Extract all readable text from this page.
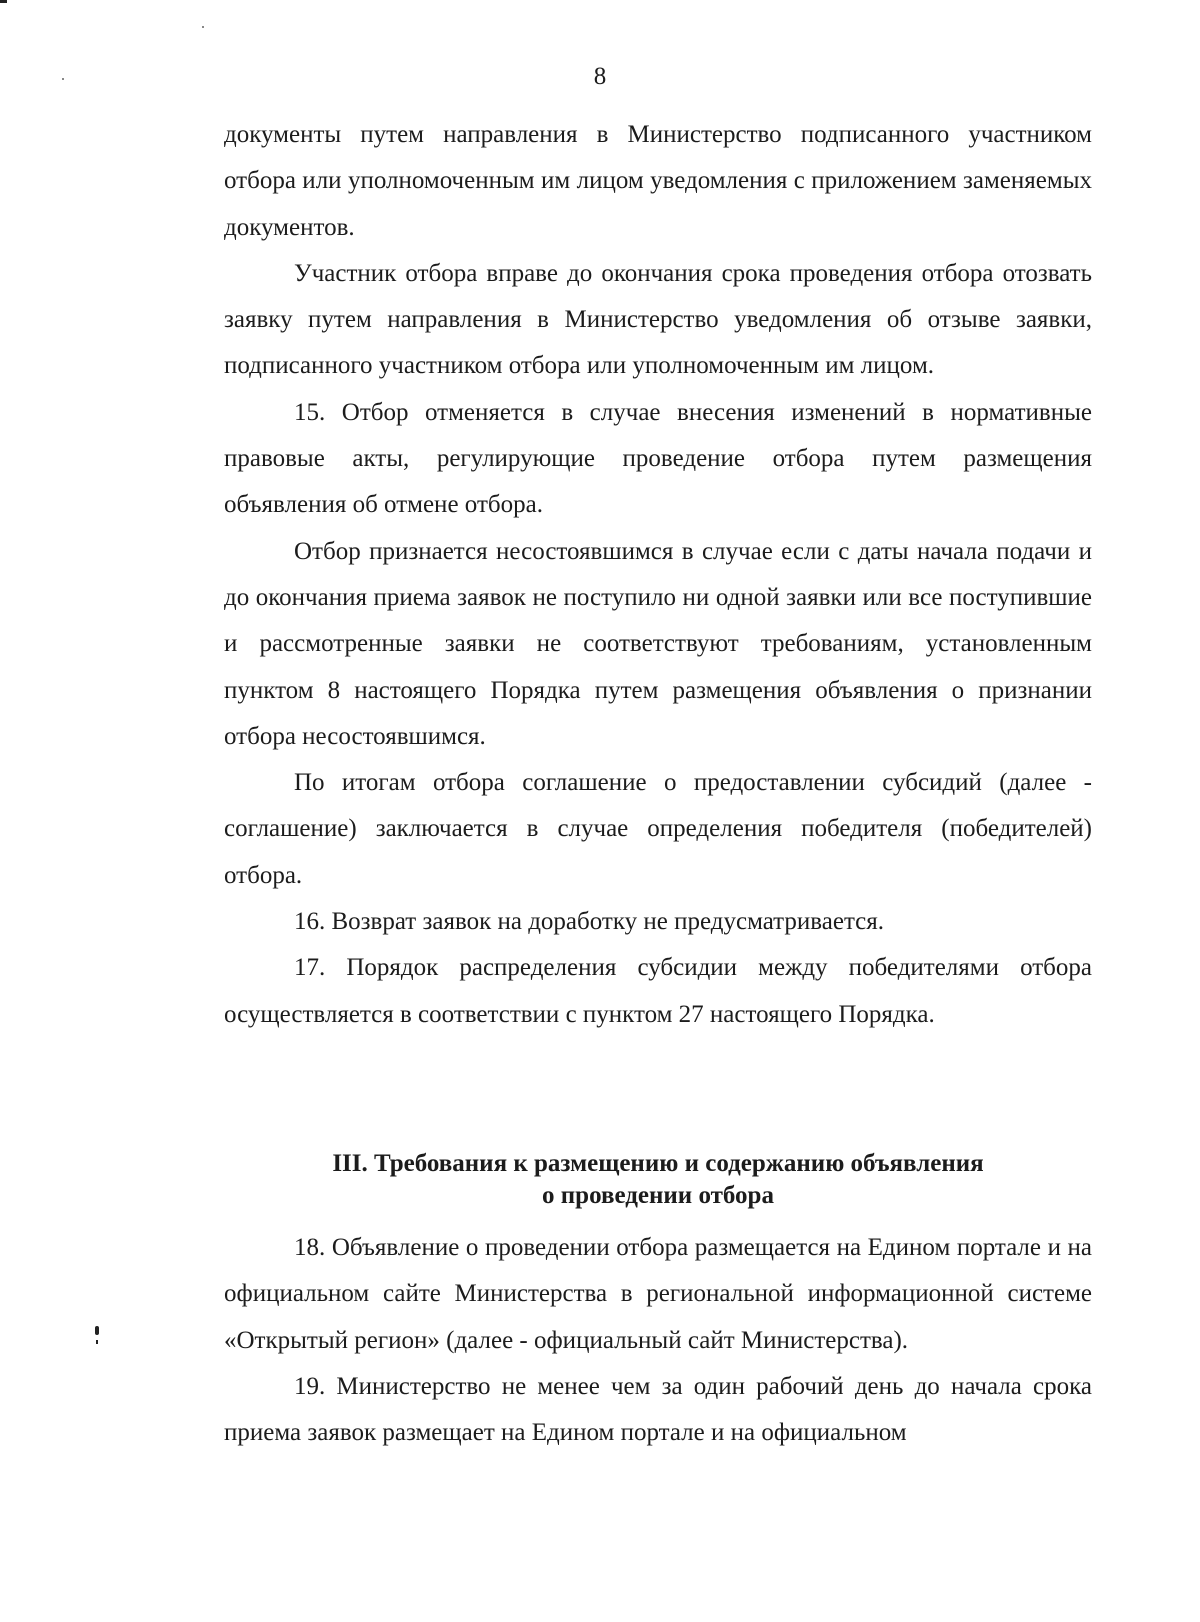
8

документы путем направления в Министерство подписанного участником отбора или уполномоченным им лицом уведомления с приложением заменяемых документов.

Участник отбора вправе до окончания срока проведения отбора отозвать заявку путем направления в Министерство уведомления об отзыве заявки, подписанного участником отбора или уполномоченным им лицом.

15. Отбор отменяется в случае внесения изменений в нормативные правовые акты, регулирующие проведение отбора путем размещения объявления об отмене отбора.

Отбор признается несостоявшимся в случае если с даты начала подачи и до окончания приема заявок не поступило ни одной заявки или все поступившие и рассмотренные заявки не соответствуют требованиям, установленным пунктом 8 настоящего Порядка путем размещения объявления о признании отбора несостоявшимся.

По итогам отбора соглашение о предоставлении субсидий (далее - соглашение) заключается в случае определения победителя (победителей) отбора.

16. Возврат заявок на доработку не предусматривается.

17. Порядок распределения субсидии между победителями отбора осуществляется в соответствии с пунктом 27 настоящего Порядка.

III. Требования к размещению и содержанию объявления
о проведении отбора

18. Объявление о проведении отбора размещается на Едином портале и на официальном сайте Министерства в региональной информационной системе «Открытый регион» (далее - официальный сайт Министерства).

19. Министерство не менее чем за один рабочий день до начала срока приема заявок размещает на Едином портале и на официальном
